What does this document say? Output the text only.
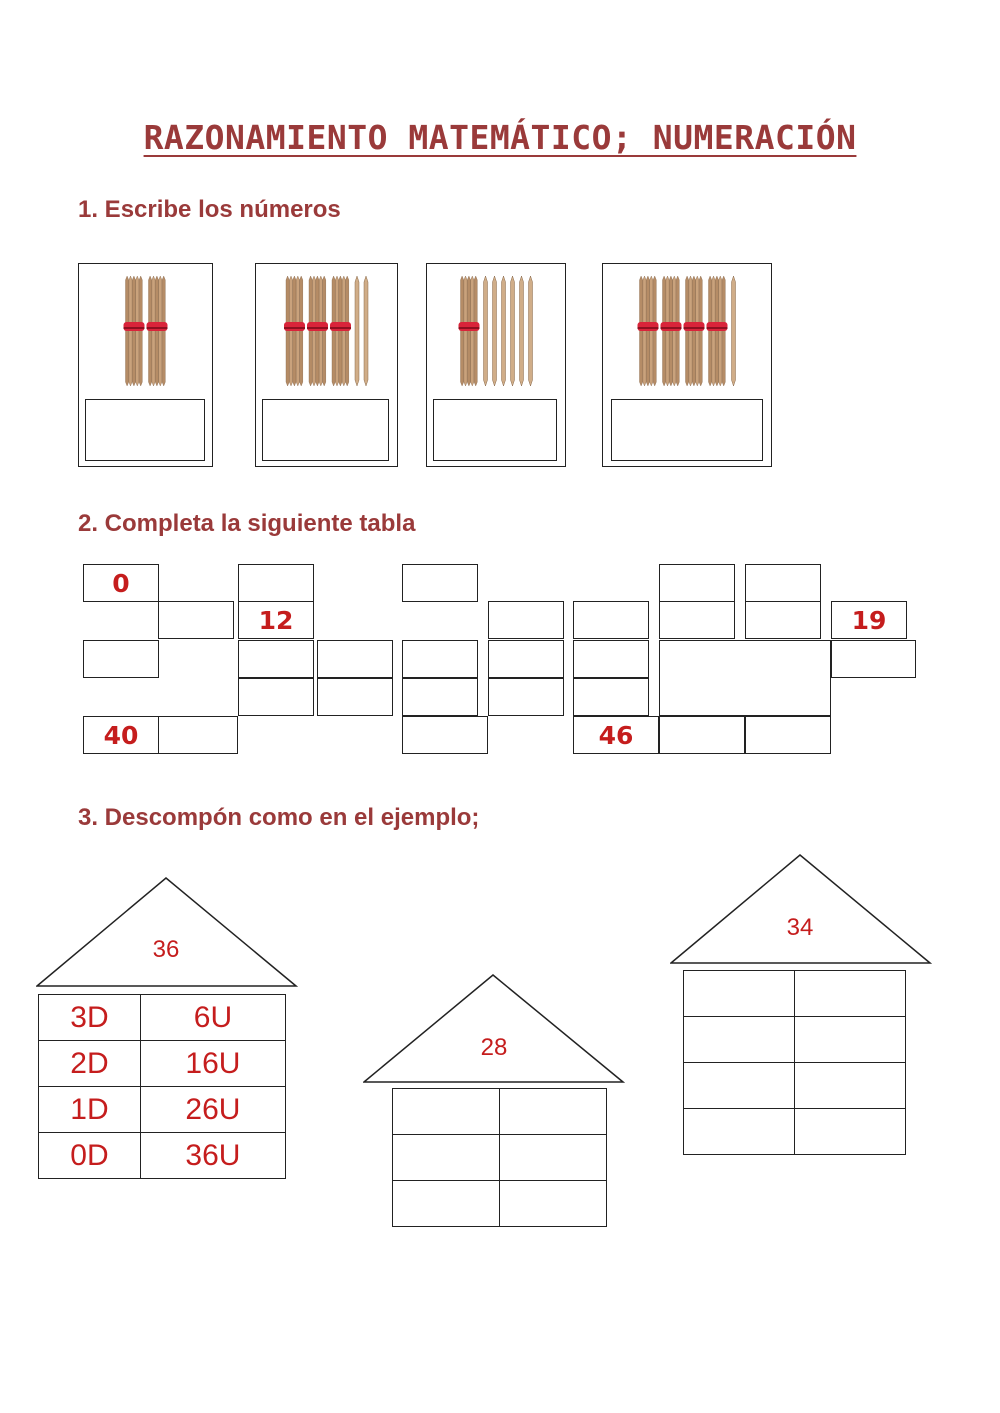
RAZONAMIENTO MATEMÁTICO; NUMERACIÓN
1. Escribe los números
2. Completa la siguiente tabla
0
12	19
40	46
3. Descompón como en el ejemplo;
36
3D	6U
2D	16U
1D	26U
0D	36U
28

34
